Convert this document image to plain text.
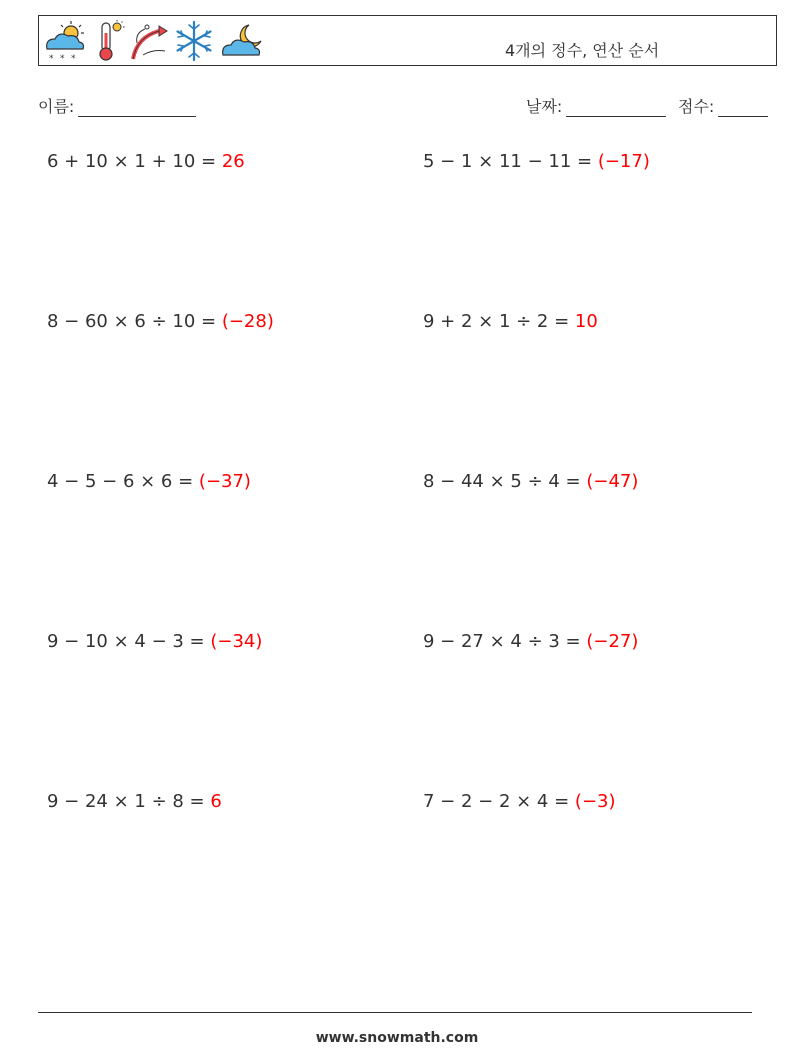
* * *	4개의 정수, 연산 순서
이름:	날짜:	점수:
6 + 10 × 1 + 10 = 26	5 − 1 × 11 − 11 = (−17)
8 − 60 × 6 ÷ 10 = (−28)	9 + 2 × 1 ÷ 2 = 10
4 − 5 − 6 × 6 = (−37)	8 − 44 × 5 ÷ 4 = (−47)
9 − 10 × 4 − 3 = (−34)	9 − 27 × 4 ÷ 3 = (−27)
9 − 24 × 1 ÷ 8 = 6	7 − 2 − 2 × 4 = (−3)
www.snowmath.com
